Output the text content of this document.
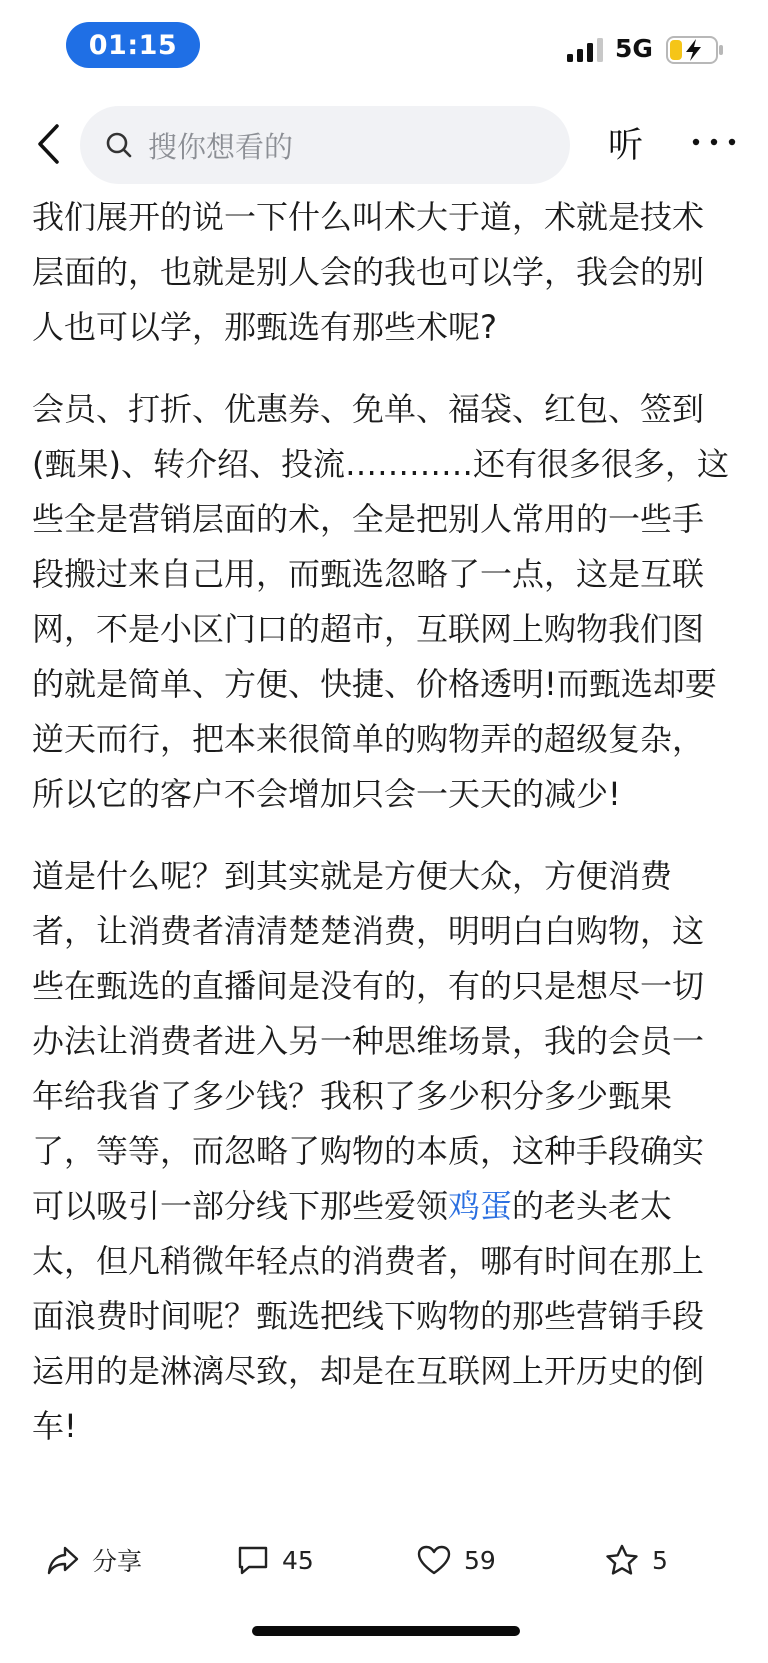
01:15	5G
搜你想看的	听

我们展开的说一下什么叫术大于道，术就是技术层面的，也就是别人会的我也可以学，我会的别人也可以学，那甄选有那些术呢?

会员、打折、优惠券、免单、福袋、红包、签到 (甄果)、转介绍、投流…………还有很多很多，这些全是营销层面的术，全是把别人常用的一些手段搬过来自己用，而甄选忽略了一点，这是互联网，不是小区门口的超市，互联网上购物我们图的就是简单、方便、快捷、价格透明!而甄选却要逆天而行，把本来很简单的购物弄的超级复杂，所以它的客户不会增加只会一天天的减少!

道是什么呢？到其实就是方便大众，方便消费者，让消费者清清楚楚消费，明明白白购物，这些在甄选的直播间是没有的，有的只是想尽一切办法让消费者进入另一种思维场景，我的会员一年给我省了多少钱？我积了多少积分多少甄果了，等等，而忽略了购物的本质，这种手段确实可以吸引一部分线下那些爱领鸡蛋的老头老太太，但凡稍微年轻点的消费者，哪有时间在那上面浪费时间呢？甄选把线下购物的那些营销手段运用的是淋漓尽致，却是在互联网上开历史的倒车!

分享	45	59	5
